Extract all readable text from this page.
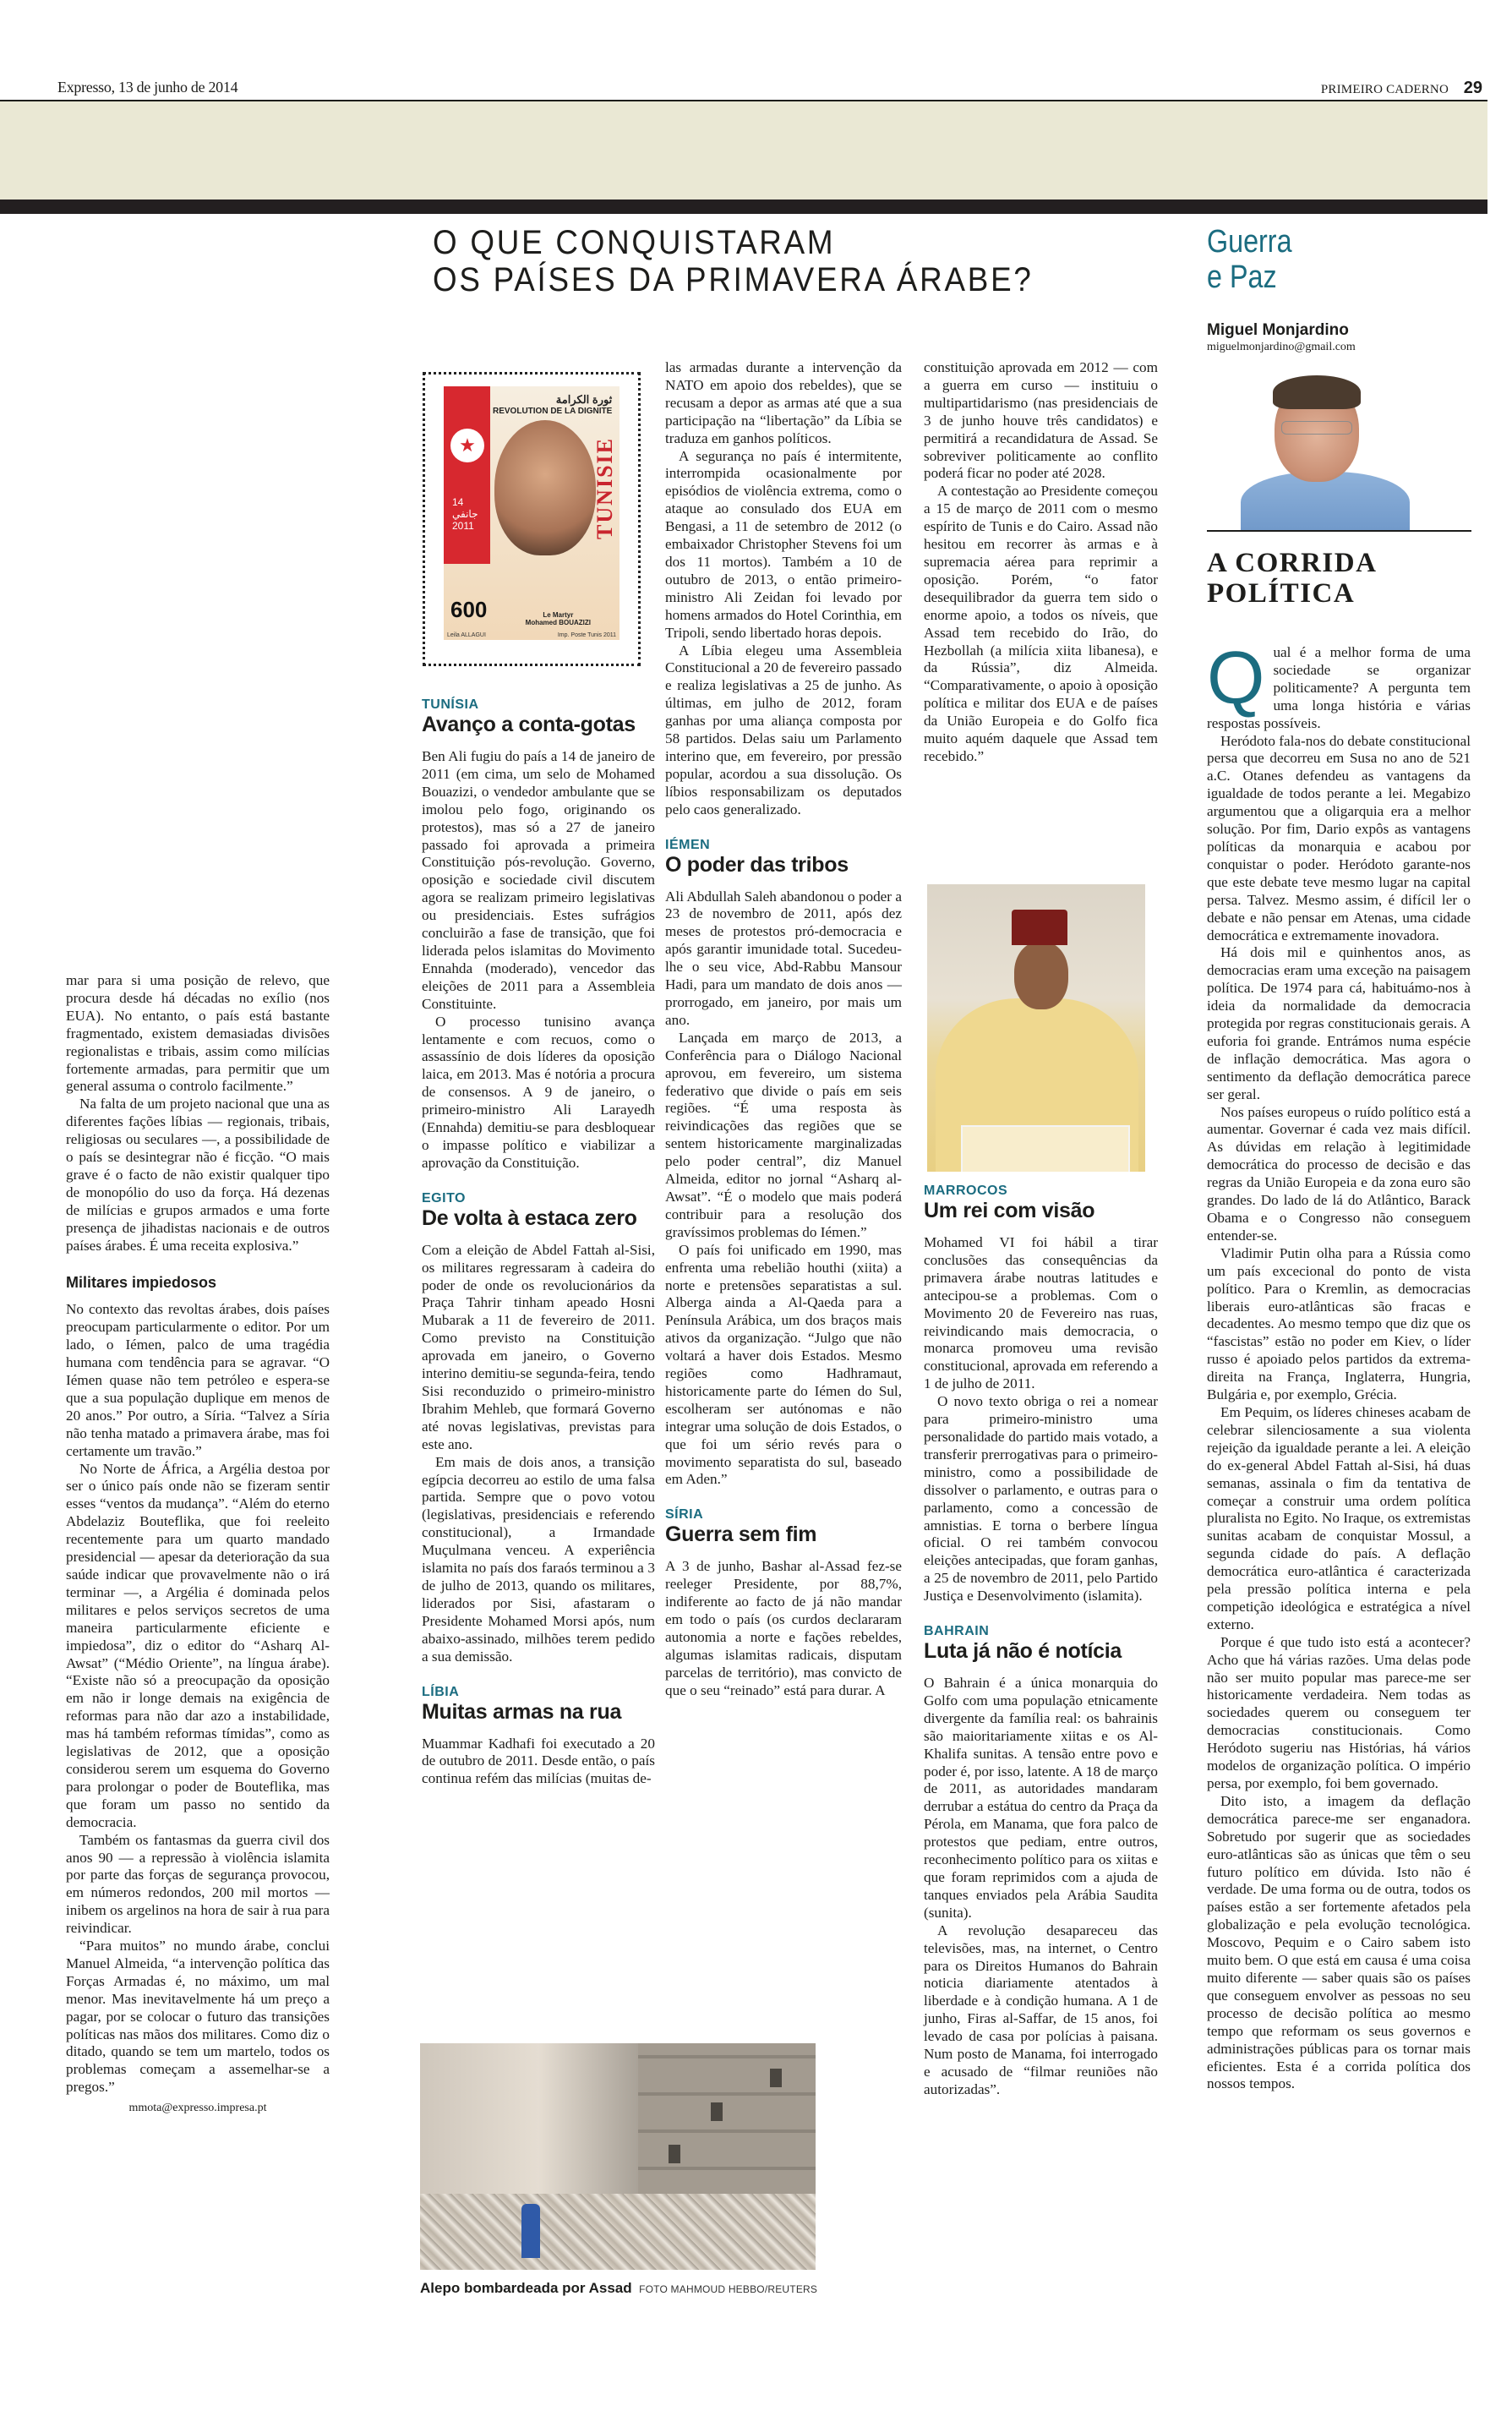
Expresso, 13 de junho de 2014	PRIMEIRO CADERNO 29
O QUE CONQUISTARAM
OS PAÍSES DA PRIMAVERA ÁRABE?
★
14 جانفي 2011
ثورة الكرامة
REVOLUTION DE LA DIGNITE
TUNISIE
600	Le Martyr
Mohamed BOUAZIZI
Leila ALLAGUI	Imp. Poste Tunis 2011

mar para si uma posição de relevo, que procura desde há décadas no exílio (nos EUA). No entanto, o país está bastante fragmentado, existem demasiadas divisões regionalistas e tribais, assim como milícias fortemente armadas, para permitir que um general assuma o controlo facilmente.”

Na falta de um projeto nacional que una as diferentes fações líbias — regionais, tribais, religiosas ou seculares —, a possibilidade de o país se desintegrar não é ficção. “O mais grave é o facto de não existir qualquer tipo de monopólio do uso da força. Há dezenas de milícias e grupos armados e uma forte presença de jihadistas nacionais e de outros países árabes. É uma receita explosiva.”

Militares impiedosos

No contexto das revoltas árabes, dois países preocupam particularmente o editor. Por um lado, o Iémen, palco de uma tragédia humana com tendência para se agravar. “O Iémen quase não tem petróleo e espera-se que a sua população duplique em menos de 20 anos.” Por outro, a Síria. “Talvez a Síria não tenha matado a primavera árabe, mas foi certamente um travão.”

No Norte de África, a Argélia destoa por ser o único país onde não se fizeram sentir esses “ventos da mudança”. “Além do eterno Abdelaziz Bouteflika, que foi reeleito recentemente para um quarto mandado presidencial — apesar da deterioração da sua saúde indicar que provavelmente não o irá terminar —, a Argélia é dominada pelos militares e pelos serviços secretos de uma maneira particularmente eficiente e impiedosa”, diz o editor do “Asharq Al-Awsat” (“Médio Oriente”, na língua árabe). “Existe não só a preocupação da oposição em não ir longe demais na exigência de reformas para não dar azo a instabilidade, mas há também reformas tímidas”, como as legislativas de 2012, que a oposição considerou serem um esquema do Governo para prolongar o poder de Bouteflika, mas que foram um passo no sentido da democracia.

Também os fantasmas da guerra civil dos anos 90 — a repressão à violência islamita por parte das forças de segurança provocou, em números redondos, 200 mil mortos — inibem os argelinos na hora de sair à rua para reivindicar.

“Para muitos” no mundo árabe, conclui Manuel Almeida, “a intervenção política das Forças Armadas é, no máximo, um mal menor. Mas inevitavelmente há um preço a pagar, por se colocar o futuro das transições políticas nas mãos dos militares. Como diz o ditado, quando se tem um martelo, todos os problemas começam a assemelhar-se a pregos.”

mmota@expresso.impresa.pt
TUNÍSIA
Avanço a conta-gotas

Ben Ali fugiu do país a 14 de janeiro de 2011 (em cima, um selo de Mohamed Bouazizi, o vendedor ambulante que se imolou pelo fogo, originando os protestos), mas só a 27 de janeiro passado foi aprovada a primeira Constituição pós-revolução. Governo, oposição e sociedade civil discutem agora se realizam primeiro legislativas ou presidenciais. Estes sufrágios concluirão a fase de transição, que foi liderada pelos islamitas do Movimento Ennahda (moderado), vencedor das eleições de 2011 para a Assembleia Constituinte.

O processo tunisino avança lentamente e com recuos, como o assassínio de dois líderes da oposição laica, em 2013. Mas é notória a procura de consensos. A 9 de janeiro, o primeiro-ministro Ali Larayedh (Ennahda) demitiu-se para desbloquear o impasse político e viabilizar a aprovação da Constituição.

EGITO
De volta à estaca zero

Com a eleição de Abdel Fattah al-Sisi, os militares regressaram à cadeira do poder de onde os revolucionários da Praça Tahrir tinham apeado Hosni Mubarak a 11 de fevereiro de 2011. Como previsto na Constituição aprovada em janeiro, o Governo interino demitiu-se segunda-feira, tendo Sisi reconduzido o primeiro-ministro Ibrahim Mehleb, que formará Governo até novas legislativas, previstas para este ano.

Em mais de dois anos, a transição egípcia decorreu ao estilo de uma falsa partida. Sempre que o povo votou (legislativas, presidenciais e referendo constitucional), a Irmandade Muçulmana venceu. A experiência islamita no país dos faraós terminou a 3 de julho de 2013, quando os militares, liderados por Sisi, afastaram o Presidente Mohamed Morsi após, num abaixo-assinado, milhões terem pedido a sua demissão.

LÍBIA
Muitas armas na rua

Muammar Kadhafi foi executado a 20 de outubro de 2011. Desde então, o país continua refém das milícias (muitas de-

las armadas durante a intervenção da NATO em apoio dos rebeldes), que se recusam a depor as armas até que a sua participação na “libertação” da Líbia se traduza em ganhos políticos.

A segurança no país é intermitente, interrompida ocasionalmente por episódios de violência extrema, como o ataque ao consulado dos EUA em Bengasi, a 11 de setembro de 2012 (o embaixador Christopher Stevens foi um dos 11 mortos). Também a 10 de outubro de 2013, o então primeiro-ministro Ali Zeidan foi levado por homens armados do Hotel Corinthia, em Tripoli, sendo libertado horas depois.

A Líbia elegeu uma Assembleia Constitucional a 20 de fevereiro passado e realiza legislativas a 25 de junho. As últimas, em julho de 2012, foram ganhas por uma aliança composta por 58 partidos. Delas saiu um Parlamento interino que, em fevereiro, por pressão popular, acordou a sua dissolução. Os líbios responsabilizam os deputados pelo caos generalizado.

IÉMEN
O poder das tribos

Ali Abdullah Saleh abandonou o poder a 23 de novembro de 2011, após dez meses de protestos pró-democracia e após garantir imunidade total. Sucedeu-lhe o seu vice, Abd-Rabbu Mansour Hadi, para um mandato de dois anos — prorrogado, em janeiro, por mais um ano.

Lançada em março de 2013, a Conferência para o Diálogo Nacional aprovou, em fevereiro, um sistema federativo que divide o país em seis regiões. “É uma resposta às reivindicações das regiões que se sentem historicamente marginalizadas pelo poder central”, diz Manuel Almeida, editor no jornal “Asharq al-Awsat”. “É o modelo que mais poderá contribuir para a resolução dos gravíssimos problemas do Iémen.”

O país foi unificado em 1990, mas enfrenta uma rebelião houthi (xiita) a norte e pretensões separatistas a sul. Alberga ainda a Al-Qaeda para a Península Arábica, um dos braços mais ativos da organização. “Julgo que não voltará a haver dois Estados. Mesmo regiões como Hadhramaut, historicamente parte do Iémen do Sul, escolheram ser autónomas e não integrar uma solução de dois Estados, o que foi um sério revés para o movimento separatista do sul, baseado em Aden.”

SÍRIA
Guerra sem fim

A 3 de junho, Bashar al-Assad fez-se reeleger Presidente, por 88,7%, indiferente ao facto de já não mandar em todo o país (os curdos declararam autonomia a norte e fações rebeldes, algumas islamitas radicais, disputam parcelas de território), mas convicto de que o seu “reinado” está para durar. A

constituição aprovada em 2012 — com a guerra em curso — instituiu o multipartidarismo (nas presidenciais de 3 de junho houve três candidatos) e permitirá a recandidatura de Assad. Se sobreviver politicamente ao conflito poderá ficar no poder até 2028.

A contestação ao Presidente começou a 15 de março de 2011 com o mesmo espírito de Tunis e do Cairo. Assad não hesitou em recorrer às armas e à supremacia aérea para reprimir a oposição. Porém, “o fator desequilibrador da guerra tem sido o enorme apoio, a todos os níveis, que Assad tem recebido do Irão, do Hezbollah (a milícia xiita libanesa), e da Rússia”, diz Almeida. “Comparativamente, o apoio à oposição política e militar dos EUA e de países da União Europeia e do Golfo fica muito aquém daquele que Assad tem recebido.”

MARROCOS
Um rei com visão

Mohamed VI foi hábil a tirar conclusões das consequências da primavera árabe noutras latitudes e antecipou-se a problemas. Com o Movimento 20 de Fevereiro nas ruas, reivindicando mais democracia, o monarca promoveu uma revisão constitucional, aprovada em referendo a 1 de julho de 2011.

O novo texto obriga o rei a nomear para primeiro-ministro uma personalidade do partido mais votado, a transferir prerrogativas para o primeiro-ministro, como a possibilidade de dissolver o parlamento, e outras para o parlamento, como a concessão de amnistias. E torna o berbere língua oficial. O rei também convocou eleições antecipadas, que foram ganhas, a 25 de novembro de 2011, pelo Partido Justiça e Desenvolvimento (islamita).

BAHRAIN
Luta já não é notícia

O Bahrain é a única monarquia do Golfo com uma população etnicamente divergente da família real: os bahrainis são maioritariamente xiitas e os Al-Khalifa sunitas. A tensão entre povo e poder é, por isso, latente. A 18 de março de 2011, as autoridades mandaram derrubar a estátua do centro da Praça da Pérola, em Manama, que fora palco de protestos que pediam, entre outros, reconhecimento político para os xiitas e que foram reprimidos com a ajuda de tanques enviados pela Arábia Saudita (sunita).

A revolução desapareceu das televisões, mas, na internet, o Centro para os Direitos Humanos do Bahrain noticia diariamente atentados à liberdade e à condição humana. A 1 de junho, Firas al-Saffar, de 15 anos, foi levado de casa por polícias à paisana. Num posto de Manama, foi interrogado e acusado de “filmar reuniões não autorizadas”.

Alepo bombardeada por Assad FOTO MAHMOUD HEBBO/REUTERS
Guerra
e Paz
Miguel Monjardino
miguelmonjardino@gmail.com
A CORRIDA
POLÍTICA

Qual é a melhor forma de uma sociedade se organizar politicamente? A pergunta tem uma longa história e várias respostas possíveis.

Heródoto fala-nos do debate constitucional persa que decorreu em Susa no ano de 521 a.C. Otanes defendeu as vantagens da igualdade de todos perante a lei. Megabizo argumentou que a oligarquia era a melhor solução. Por fim, Dario expôs as vantagens políticas da monarquia e acabou por conquistar o poder. Heródoto garante-nos que este debate teve mesmo lugar na capital persa. Talvez. Mesmo assim, é difícil ler o debate e não pensar em Atenas, uma cidade democrática e extremamente inovadora.

Há dois mil e quinhentos anos, as democracias eram uma exceção na paisagem política. De 1974 para cá, habituámo-nos à ideia da normalidade da democracia protegida por regras constitucionais gerais. A euforia foi grande. Entrámos numa espécie de inflação democrática. Mas agora o sentimento da deflação democrática parece ser geral.

Nos países europeus o ruído político está a aumentar. Governar é cada vez mais difícil. As dúvidas em relação à legitimidade democrática do processo de decisão e das regras da União Europeia e da zona euro são grandes. Do lado de lá do Atlântico, Barack Obama e o Congresso não conseguem entender-se.

Vladimir Putin olha para a Rússia como um país excecional do ponto de vista político. Para o Kremlin, as democracias liberais euro-atlânticas são fracas e decadentes. Ao mesmo tempo que diz que os “fascistas” estão no poder em Kiev, o líder russo é apoiado pelos partidos da extrema-direita na França, Inglaterra, Hungria, Bulgária e, por exemplo, Grécia.

Em Pequim, os líderes chineses acabam de celebrar silenciosamente a sua violenta rejeição da igualdade perante a lei. A eleição do ex-general Abdel Fattah al-Sisi, há duas semanas, assinala o fim da tentativa de começar a construir uma ordem política pluralista no Egito. No Iraque, os extremistas sunitas acabam de conquistar Mossul, a segunda cidade do país. A deflação democrática euro-atlântica é caracterizada pela pressão política interna e pela competição ideológica e estratégica a nível externo.

Porque é que tudo isto está a acontecer? Acho que há várias razões. Uma delas pode não ser muito popular mas parece-me ser historicamente verdadeira. Nem todas as sociedades querem ou conseguem ter democracias constitucionais. Como Heródoto sugeriu nas Histórias, há vários modelos de organização política. O império persa, por exemplo, foi bem governado.

Dito isto, a imagem da deflação democrática parece-me ser enganadora. Sobretudo por sugerir que as sociedades euro-atlânticas são as únicas que têm o seu futuro político em dúvida. Isto não é verdade. De uma forma ou de outra, todos os países estão a ser fortemente afetados pela globalização e pela evolução tecnológica. Moscovo, Pequim e o Cairo sabem isto muito bem. O que está em causa é uma coisa muito diferente — saber quais são os países que conseguem envolver as pessoas no seu processo de decisão política ao mesmo tempo que reformam os seus governos e administrações públicas para os tornar mais eficientes. Esta é a corrida política dos nossos tempos.
